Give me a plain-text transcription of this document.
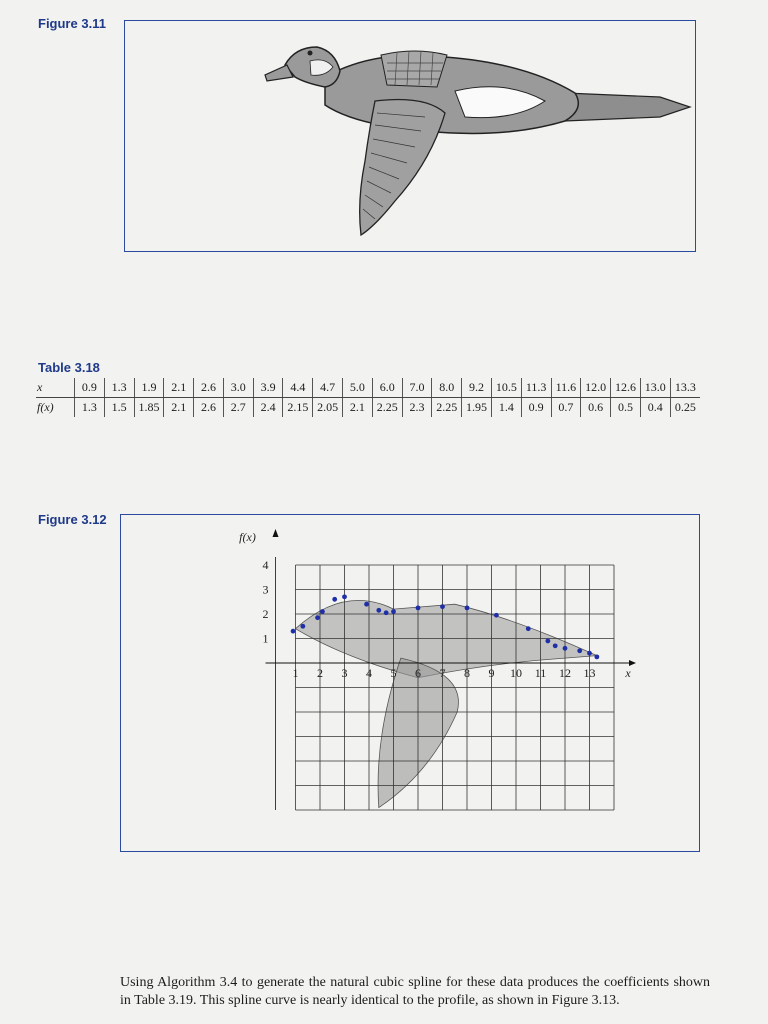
Figure 3.11
Table 3.18
x	0.9	1.3	1.9	2.1	2.6	3.0	3.9	4.4	4.7	5.0	6.0	7.0	8.0	9.2	10.5	11.3	11.6	12.0	12.6	13.0	13.3
f(x)	1.3	1.5	1.85	2.1	2.6	2.7	2.4	2.15	2.05	2.1	2.25	2.3	2.25	1.95	1.4	0.9	0.7	0.6	0.5	0.4	0.25
Figure 3.12
1 2 3 4 5 6 7 8 9 10 11 12 13
1
2
3
4
f(x)
x

Using Algorithm 3.4 to generate the natural cubic spline for these data produces the coefficients shown in Table 3.19. This spline curve is nearly identical to the profile, as shown in Figure 3.13.
